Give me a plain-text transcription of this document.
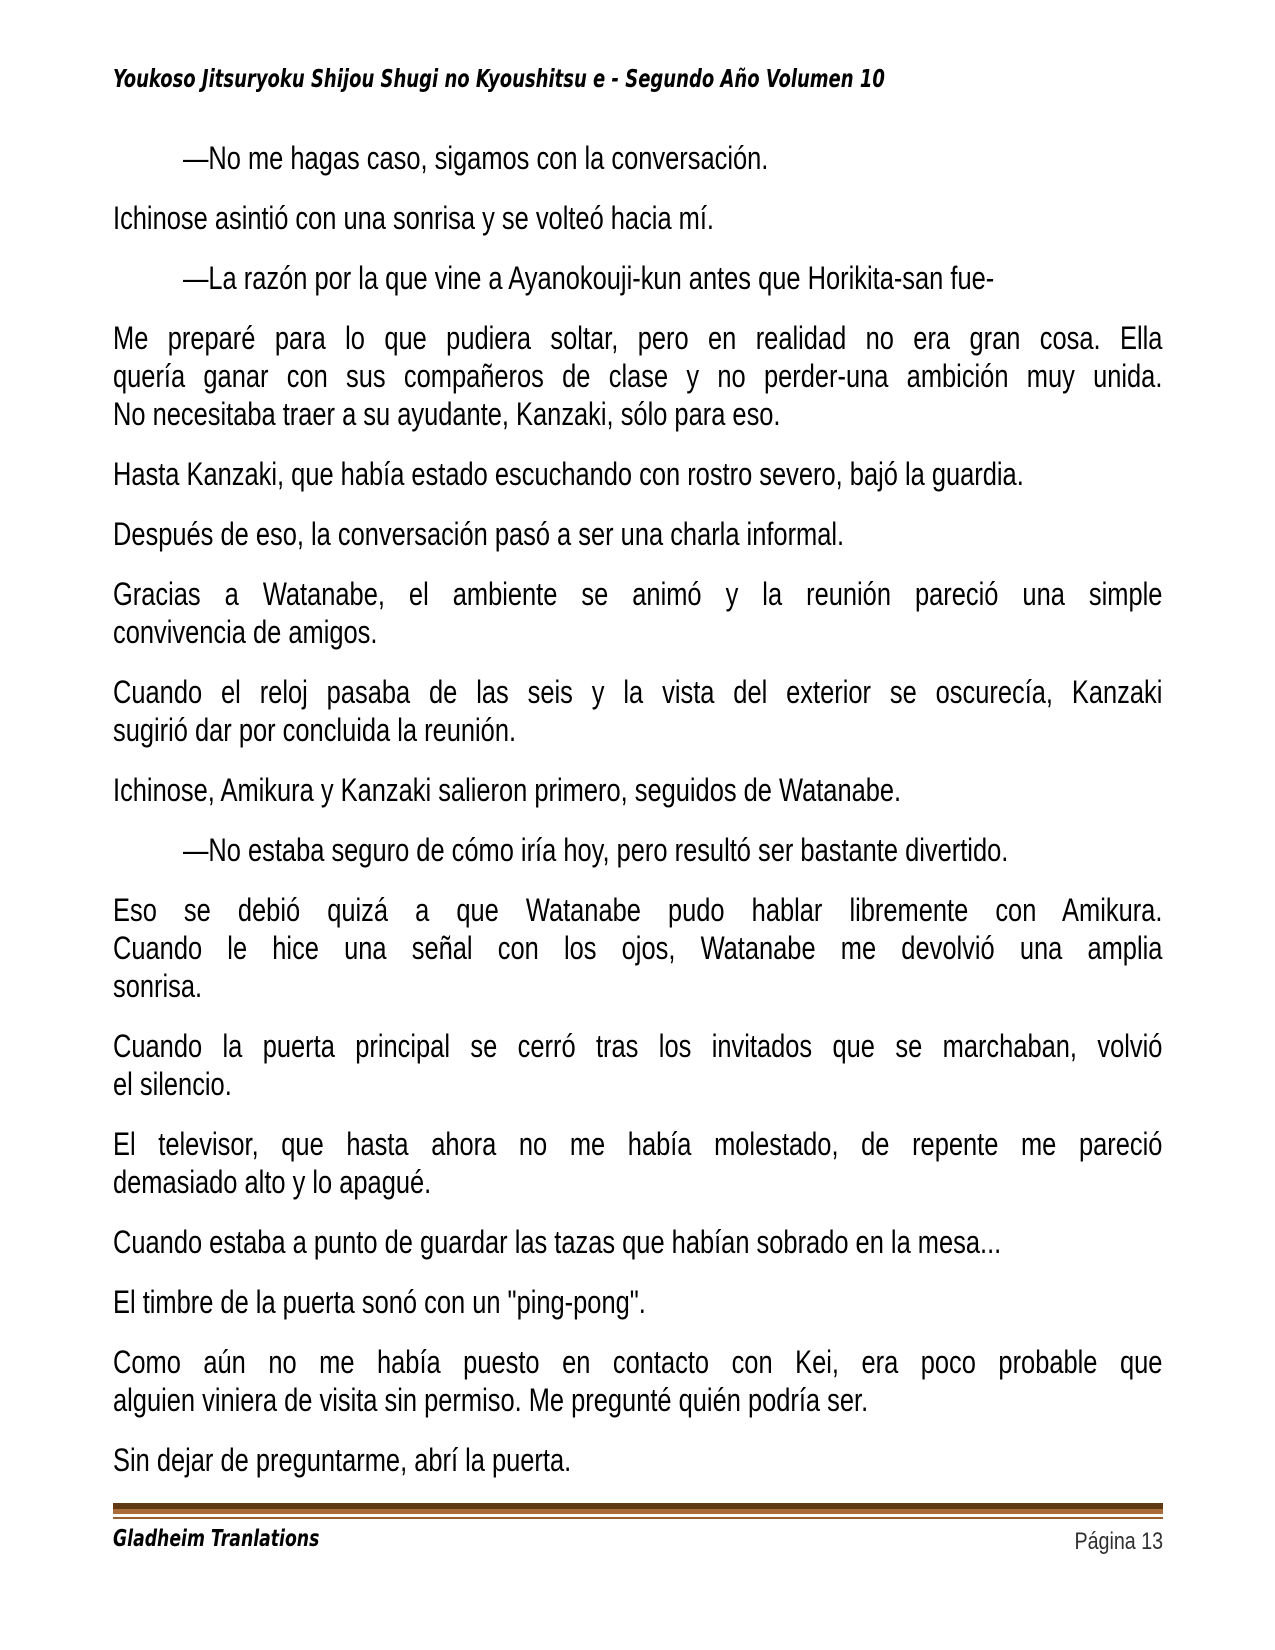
Youkoso Jitsuryoku Shijou Shugi no Kyoushitsu e - Segundo Año Volumen 10

—No me hagas caso, sigamos con la conversación.

Ichinose asintió con una sonrisa y se volteó hacia mí.

—La razón por la que vine a Ayanokouji-kun antes que Horikita-san fue-

Me preparé para lo que pudiera soltar, pero en realidad no era gran cosa. Ella
quería ganar con sus compañeros de clase y no perder-una ambición muy unida.
No necesitaba traer a su ayudante, Kanzaki, sólo para eso.

Hasta Kanzaki, que había estado escuchando con rostro severo, bajó la guardia.

Después de eso, la conversación pasó a ser una charla informal.

Gracias a Watanabe, el ambiente se animó y la reunión pareció una simple
convivencia de amigos.

Cuando el reloj pasaba de las seis y la vista del exterior se oscurecía, Kanzaki
sugirió dar por concluida la reunión.

Ichinose, Amikura y Kanzaki salieron primero, seguidos de Watanabe.

—No estaba seguro de cómo iría hoy, pero resultó ser bastante divertido.

Eso se debió quizá a que Watanabe pudo hablar libremente con Amikura.
Cuando le hice una señal con los ojos, Watanabe me devolvió una amplia
sonrisa.

Cuando la puerta principal se cerró tras los invitados que se marchaban, volvió
el silencio.

El televisor, que hasta ahora no me había molestado, de repente me pareció
demasiado alto y lo apagué.

Cuando estaba a punto de guardar las tazas que habían sobrado en la mesa...

El timbre de la puerta sonó con un "ping-pong".

Como aún no me había puesto en contacto con Kei, era poco probable que
alguien viniera de visita sin permiso. Me pregunté quién podría ser.

Sin dejar de preguntarme, abrí la puerta.

Gladheim Tranlations	Página 13
